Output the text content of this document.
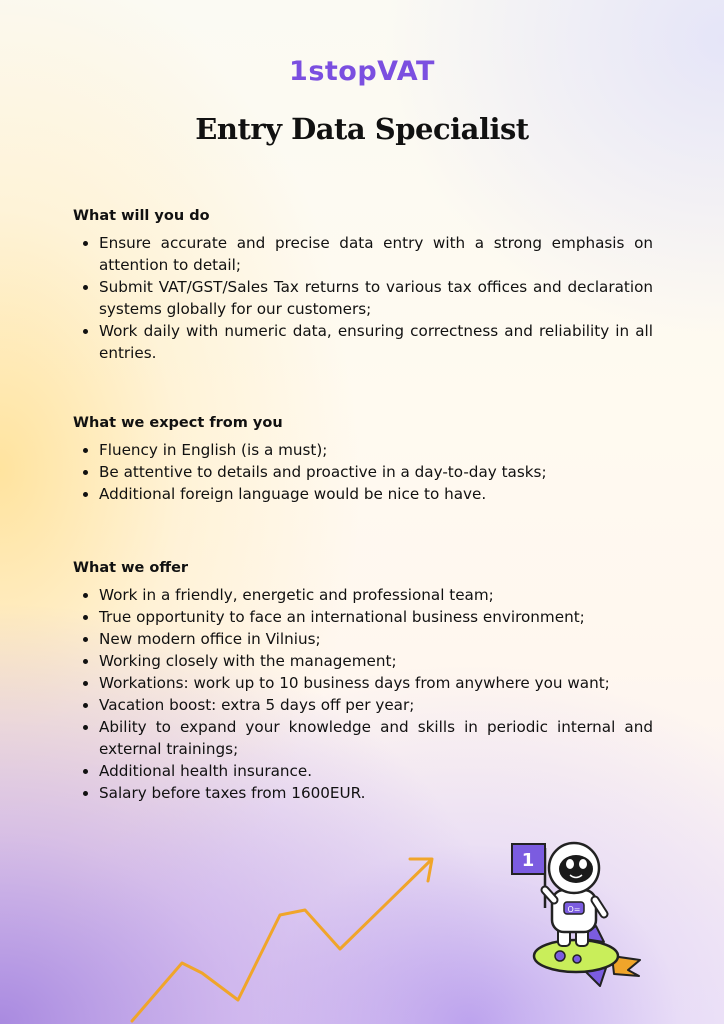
1stopVAT
Entry Data Specialist
What will you do
• Ensure accurate and precise data entry with a strong emphasis on attention to detail;
• Submit VAT/GST/Sales Tax returns to various tax offices and declaration systems globally for our customers;
• Work daily with numeric data, ensuring correctness and reliability in all entries.
What we expect from you
• Fluency in English (is a must);
• Be attentive to details and proactive in a day-to-day tasks;
• Additional foreign language would be nice to have.
What we offer
• Work in a friendly, energetic and professional team;
• True opportunity to face an international business environment;
• New modern office in Vilnius;
• Working closely with the management;
• Workations: work up to 10 business days from anywhere you want;
• Vacation boost: extra 5 days off per year;
• Ability to expand your knowledge and skills in periodic internal and external trainings;
• Additional health insurance.
• Salary before taxes from 1600EUR.
1
O=
